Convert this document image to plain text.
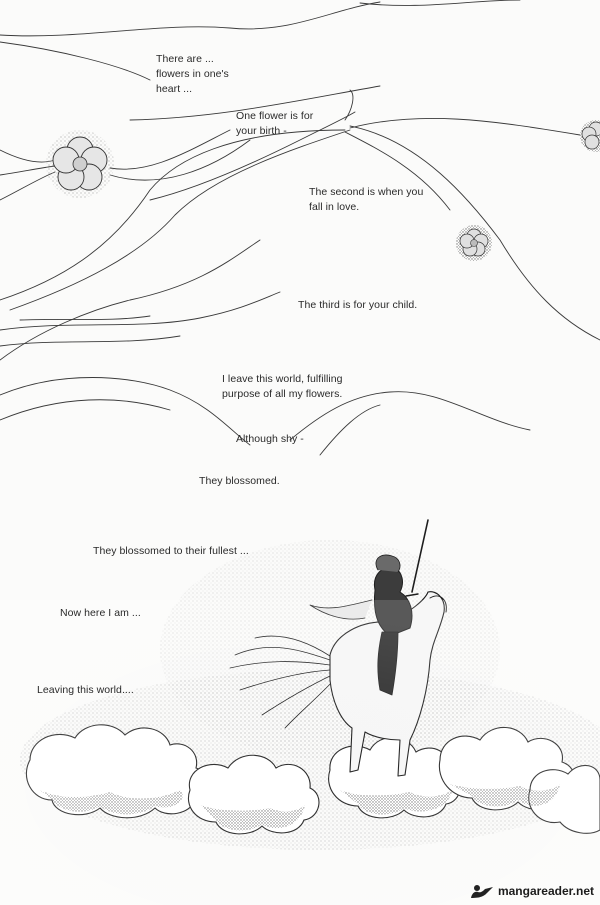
There are ...
flowers in one's
heart ...
One flower is for
your birth -
The second is when you
fall in love.
The third is for your child.
I leave this world, fulfilling
purpose of all my flowers.
Although shy -
They blossomed.
They blossomed to their fullest ...
Now here I am ...
Leaving this world....
mangareader.net
